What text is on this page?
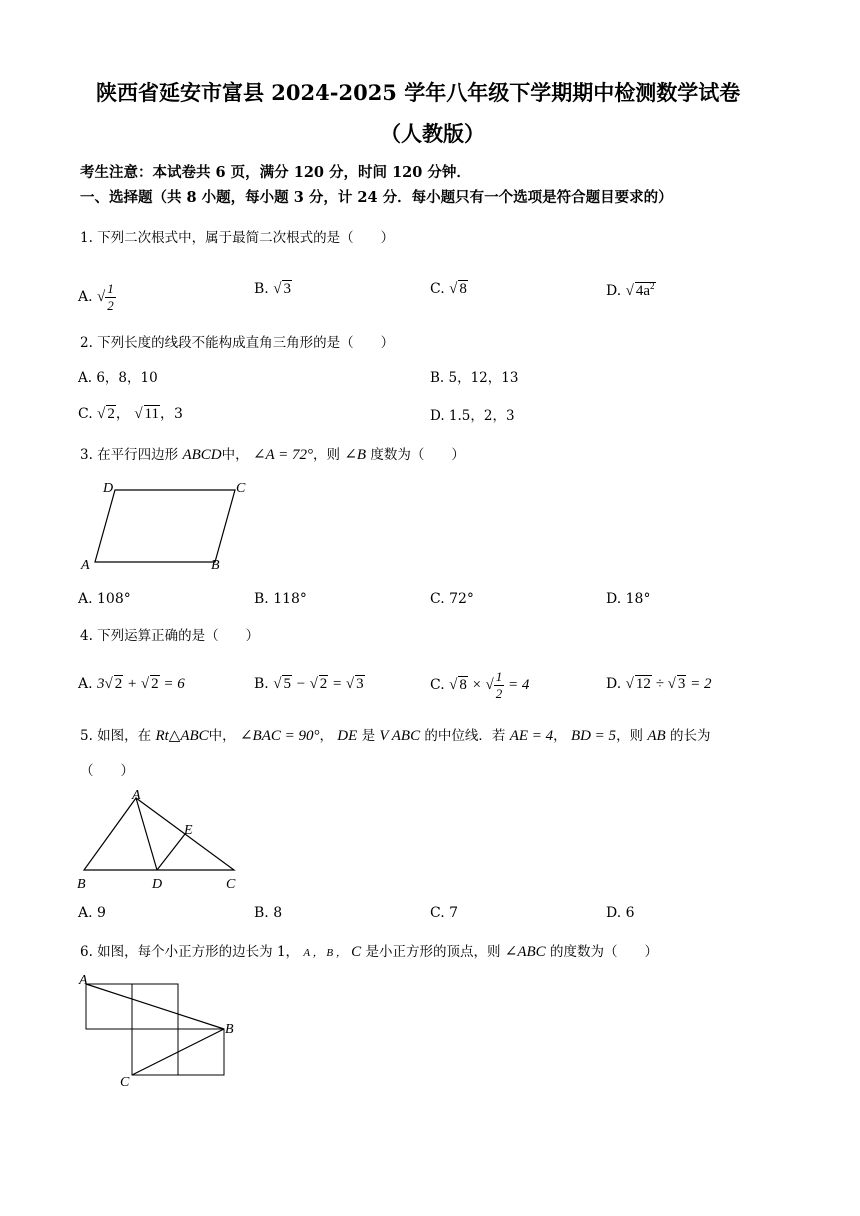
陕西省延安市富县 2024-2025 学年八年级下学期期中检测数学试卷
（人教版）
考生注意：本试卷共 6 页，满分 120 分，时间 120 分钟．
一、选择题（共 8 小题，每小题 3 分，计 24 分．每小题只有一个选项是符合题目要求的）
1. 下列二次根式中，属于最简二次根式的是（　　）
A. √ $\frac{1}{2}$	B. √ 3	C. √ 8	D. √ $4a^2$
2. 下列长度的线段不能构成直角三角形的是（　　）
A. 6，8，10	B. 5，12，13
C. √ 2， √ 11，3	D. 1.5，2，3
3. 在平行四边形 ABCD中， ∠A = 72°，则 ∠B 度数为（　　）
D	C
A	B
A. 108°	B. 118°	C. 72°	D. 18°
4. 下列运算正确的是（　　）
A. 3√ 2 + √ 2 = 6	B. √ 5 − √ 2 = √ 3	C. √ 8 × √ $\frac{1}{2} = 4$	D. √ 12 ÷ √ 3 = 2
5. 如图，在 Rt△ABC中， ∠BAC = 90°， DE 是 V ABC 的中位线．若 AE = 4， BD = 5，则 AB 的长为
（　　）
A
E
B	D	C
A. 9	B. 8	C. 7	D. 6
6. 如图，每个小正方形的边长为 1， A ， B ， C 是小正方形的顶点，则 ∠ABC 的度数为（　　）
A
B
C
